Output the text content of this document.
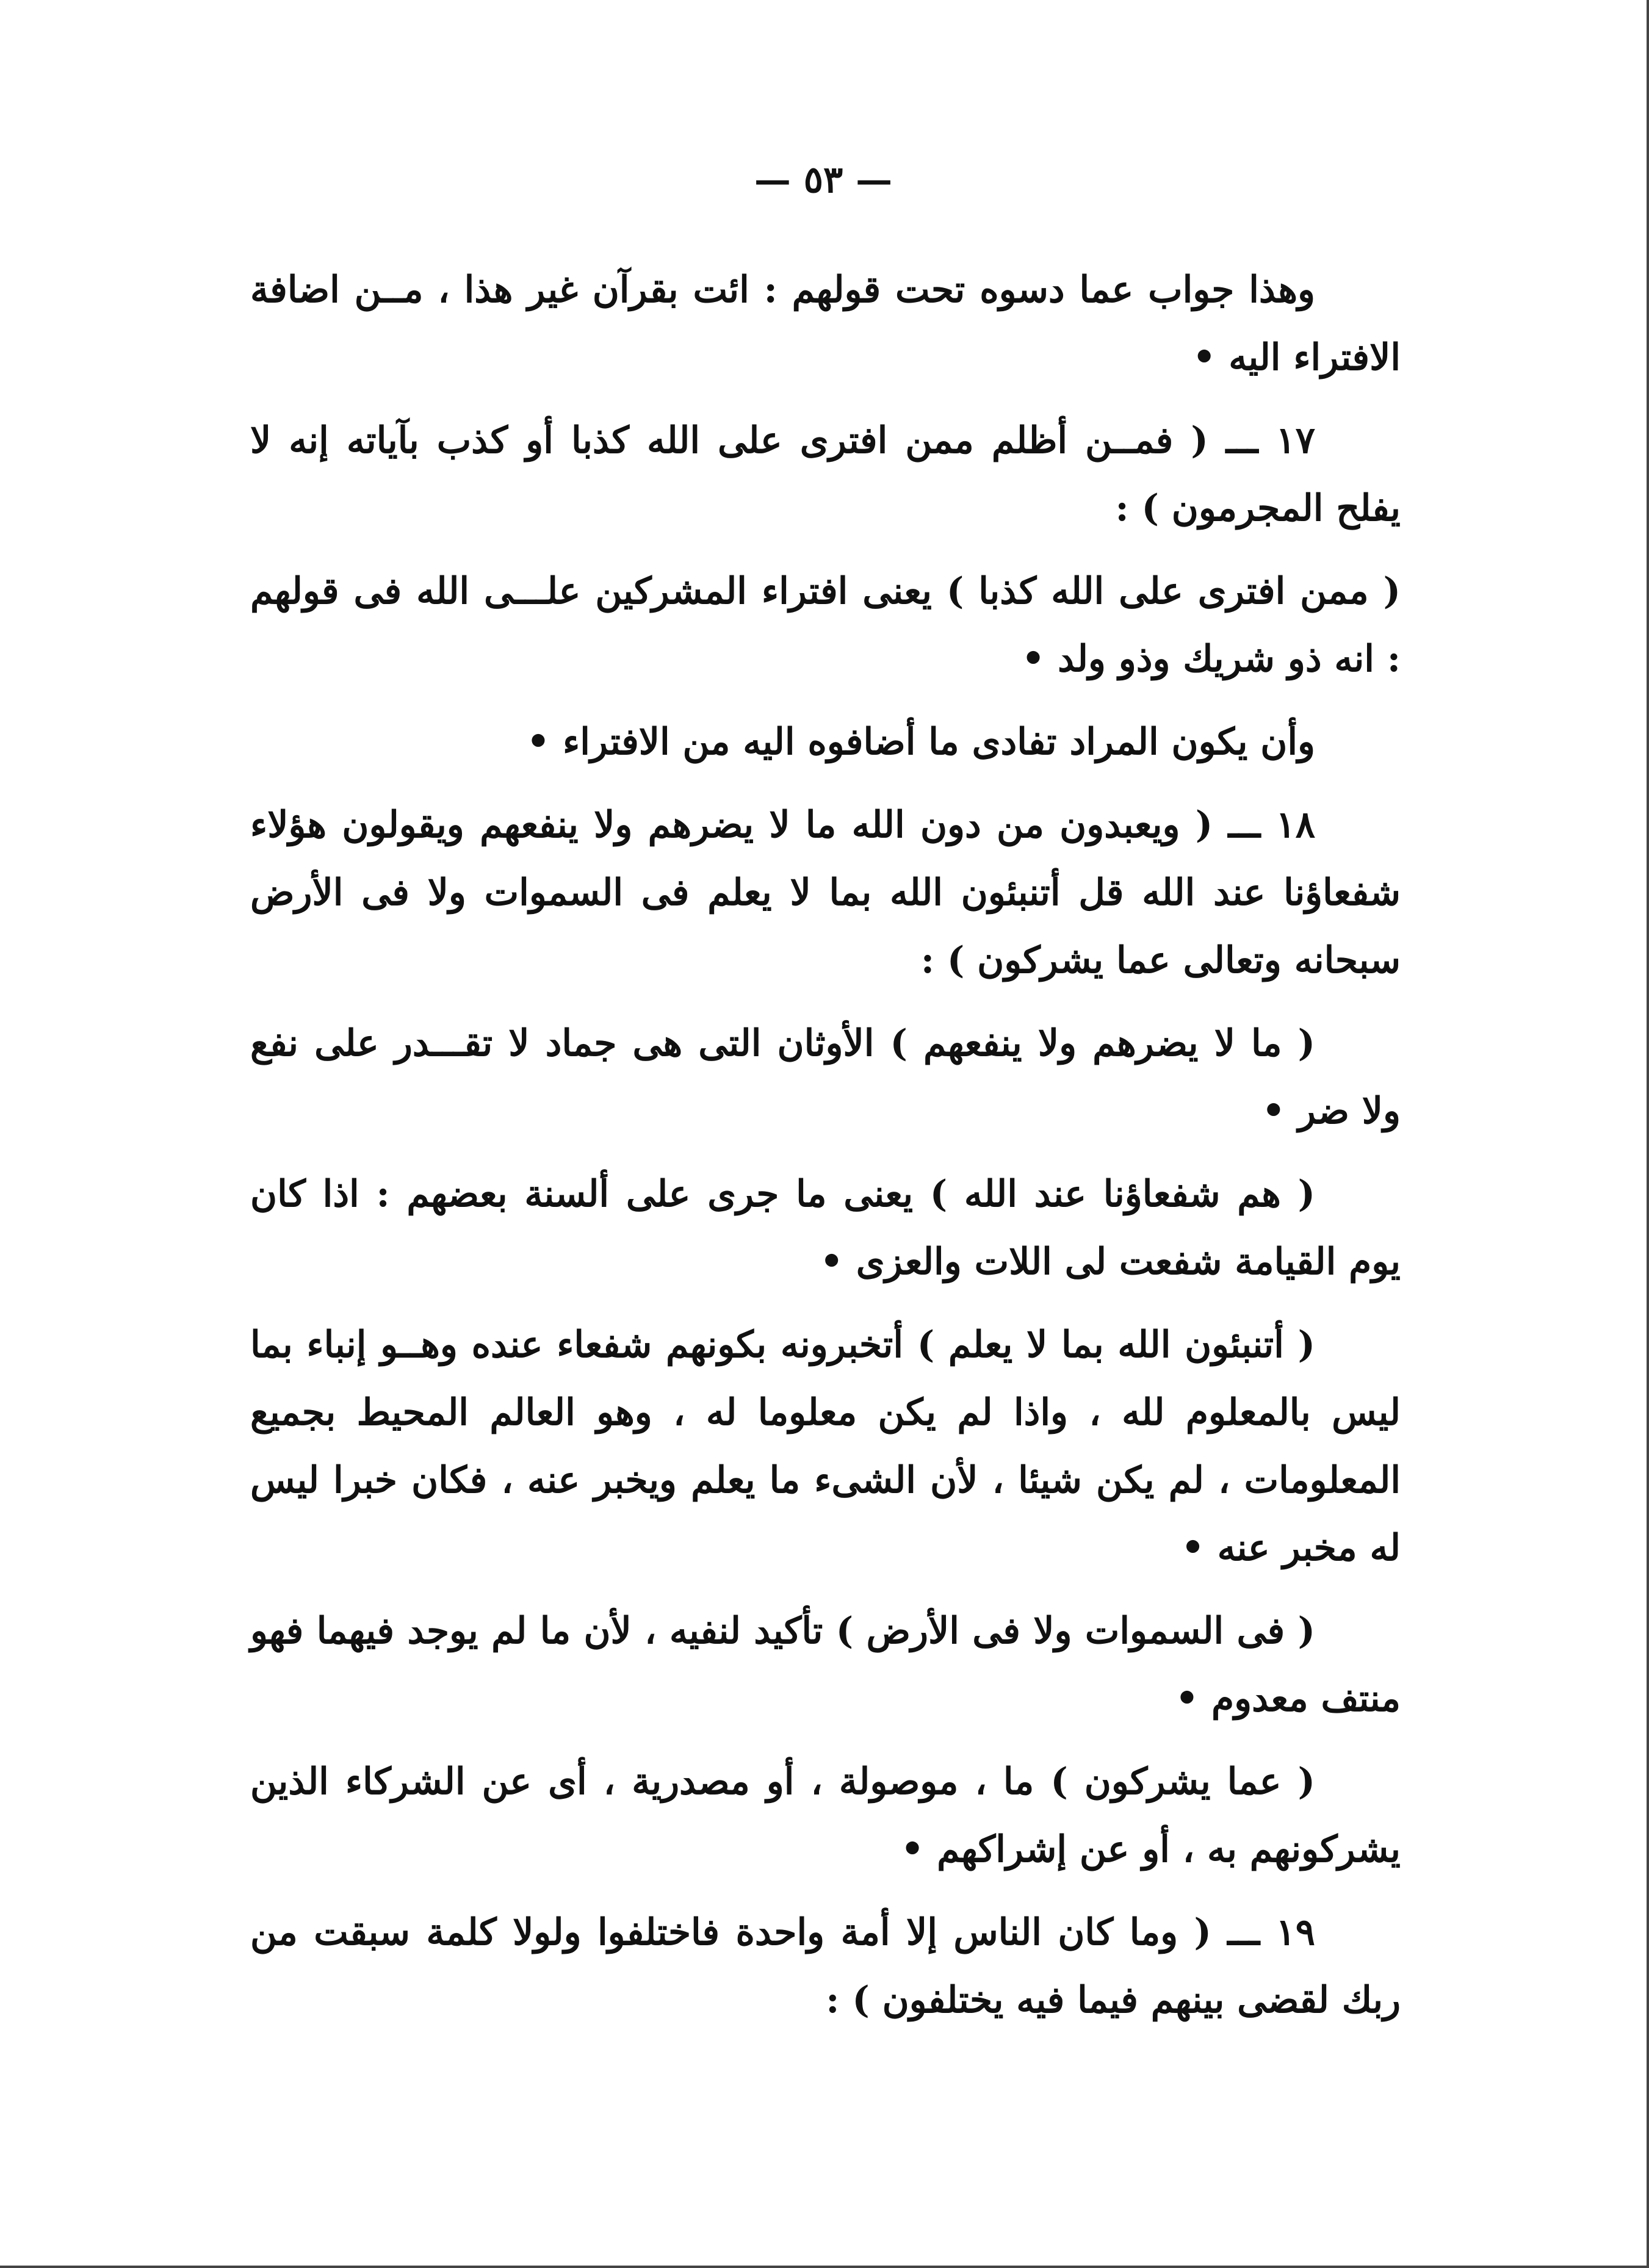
— ٥٣ —

وهذا جواب عما دسوه تحت قولهم : ائت بقرآن غير هذا ، مــن اضافة الافتراء اليه •

١٧ ـــ ( فمــن أظلم ممن افترى على الله كذبا أو كذب بآياته إنه لا يفلح المجرمون ) :

( ممن افترى على الله كذبا ) يعنى افتراء المشركين علـــى الله فى قولهم : انه ذو شريك وذو ولد •

وأن يكون المراد تفادى ما أضافوه اليه من الافتراء •

١٨ ـــ ( ويعبدون من دون الله ما لا يضرهم ولا ينفعهم ويقولون هؤلاء شفعاؤنا عند الله قل أتنبئون الله بما لا يعلم فى السموات ولا فى الأرض سبحانه وتعالى عما يشركون ) :

( ما لا يضرهم ولا ينفعهم ) الأوثان التى هى جماد لا تقـــدر على نفع ولا ضر •

( هم شفعاؤنا عند الله ) يعنى ما جرى على ألسنة بعضهم : اذا كان يوم القيامة شفعت لى اللات والعزى •

( أتنبئون الله بما لا يعلم ) أتخبرونه بكونهم شفعاء عنده وهــو إنباء بما ليس بالمعلوم لله ، واذا لم يكن معلوما له ، وهو العالم المحيط بجميع المعلومات ، لم يكن شيئا ، لأن الشىء ما يعلم ويخبر عنه ، فكان خبرا ليس له مخبر عنه •

( فى السموات ولا فى الأرض ) تأكيد لنفيه ، لأن ما لم يوجد فيهما فهو منتف معدوم •

( عما يشركون ) ما ، موصولة ، أو مصدرية ، أى عن الشركاء الذين يشركونهم به ، أو عن إشراكهم •

١٩ ـــ ( وما كان الناس إلا أمة واحدة فاختلفوا ولولا كلمة سبقت من ربك لقضى بينهم فيما فيه يختلفون ) :
